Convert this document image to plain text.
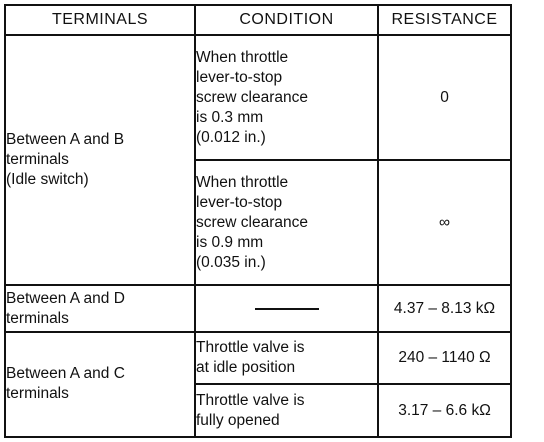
TERMINALS	CONDITION	RESISTANCE

Between A and B
terminals
(Idle switch)	When throttle
lever-to-stop
screw clearance
is 0.3 mm
(0.012 in.)	0

	When throttle
lever-to-stop
screw clearance
is 0.9 mm
(0.035 in.)	∞

Between A and D
terminals		4.37 – 8.13 kΩ

Between A and C
terminals	Throttle valve is
at idle position	240 – 1140 Ω

	Throttle valve is
fully opened	3.17 – 6.6 kΩ
